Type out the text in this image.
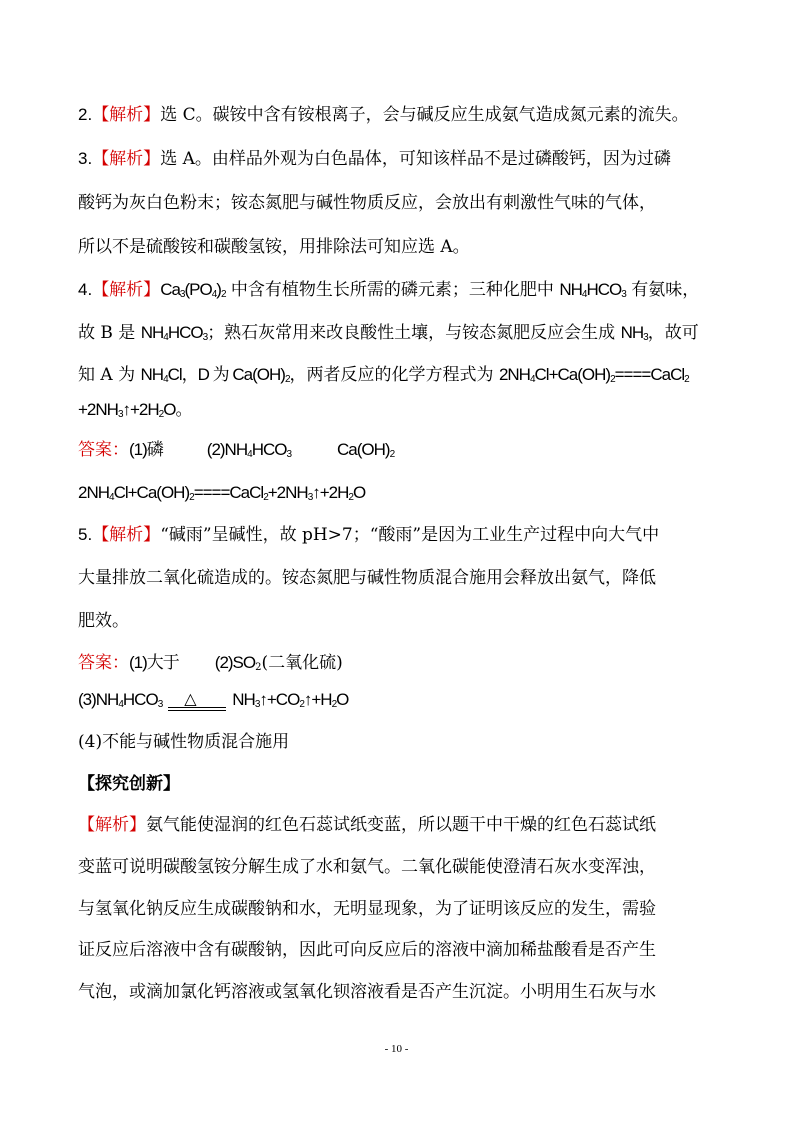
2.【解析】选 C。碳铵中含有铵根离子，会与碱反应生成氨气造成氮元素的流失。
3.【解析】选 A。由样品外观为白色晶体，可知该样品不是过磷酸钙，因为过磷
酸钙为灰白色粉末；铵态氮肥与碱性物质反应，会放出有刺激性气味的气体，
所以不是硫酸铵和碳酸氢铵，用排除法可知应选 A。
4.【解析】$Ca_3(PO_4)_2$ 中含有植物生长所需的磷元素；三种化肥中 $NH_4HCO_3$ 有氨味，
故 B 是 $NH_4HCO_3$；熟石灰常用来改良酸性土壤，与铵态氮肥反应会生成 $NH_3$，故可
知 A 为 $NH_4Cl$，D 为 $Ca(OH)_2$，两者反应的化学方程式为 $2NH_4Cl+Ca(OH)_2====CaCl_2$
$+2NH_3↑+2H_2O$。
答案：(1)磷	$(2)NH_4HCO_3$	$Ca(OH)_2$
$2NH_4Cl+Ca(OH)_2====CaCl_2+2NH_3↑+2H_2O$
5.【解析】“碱雨”呈碱性，故 pH>7；“酸雨”是因为工业生产过程中向大气中
大量排放二氧化硫造成的。铵态氮肥与碱性物质混合施用会释放出氨气，降低
肥效。
答案：(1)大于 $(2)SO_2$(二氧化硫)
$(3)NH_4HCO_3$ △ $NH_3↑+CO_2↑+H_2O$
(4)不能与碱性物质混合施用
【探究创新】
【解析】氨气能使湿润的红色石蕊试纸变蓝，所以题干中干燥的红色石蕊试纸
变蓝可说明碳酸氢铵分解生成了水和氨气。二氧化碳能使澄清石灰水变浑浊，
与氢氧化钠反应生成碳酸钠和水，无明显现象，为了证明该反应的发生，需验
证反应后溶液中含有碳酸钠，因此可向反应后的溶液中滴加稀盐酸看是否产生
气泡，或滴加氯化钙溶液或氢氧化钡溶液看是否产生沉淀。小明用生石灰与水
- 10 -
